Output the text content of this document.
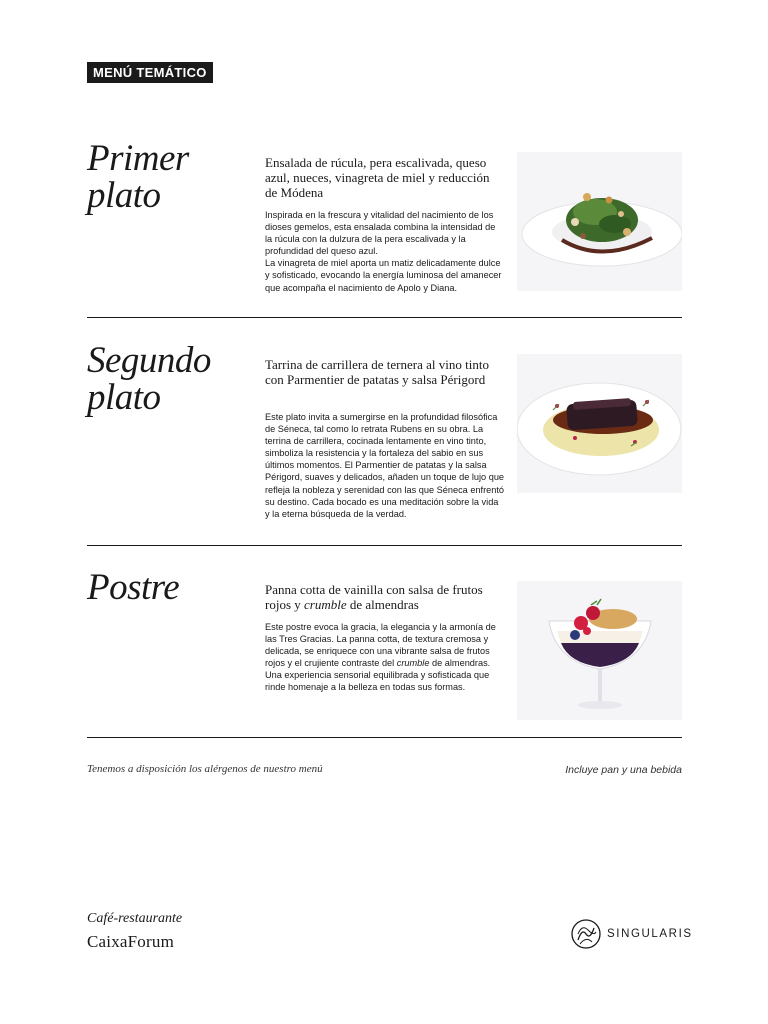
MENÚ TEMÁTICO
Primer
plato
Ensalada de rúcula, pera escalivada, queso azul, nueces, vinagreta de miel y reducción de Módena

Inspirada en la frescura y vitalidad del nacimiento de los dioses gemelos, esta ensalada combina la intensidad de la rúcula con la dulzura de la pera escalivada y la profundidad del queso azul.

La vinagreta de miel aporta un matiz delicadamente dulce y sofisticado, evocando la energía luminosa del amanecer que acompaña el nacimiento de Apolo y Diana.

Segundo
plato
Tarrina de carrillera de ternera al vino tinto con Parmentier de patatas y salsa Périgord

Este plato invita a sumergirse en la profundidad filosófica de Séneca, tal como lo retrata Rubens en su obra. La terrina de carrillera, cocinada lentamente en vino tinto, simboliza la resistencia y la fortaleza del sabio en sus últimos momentos. El Parmentier de patatas y la salsa Périgord, suaves y delicados, añaden un toque de lujo que refleja la nobleza y serenidad con las que Séneca enfrentó su destino. Cada bocado es una meditación sobre la vida y la eterna búsqueda de la verdad.

Postre	Panna cotta de vainilla con salsa de frutos rojos y crumble de almendras

Este postre evoca la gracia, la elegancia y la armonía de las Tres Gracias. La panna cotta, de textura cremosa y delicada, se enriquece con una vibrante salsa de frutos rojos y el crujiente contraste del crumble de almendras. Una experiencia sensorial equilibrada y sofisticada que rinde homenaje a la belleza en todas sus formas.

Tenemos a disposición los alérgenos de nuestro menú	Incluye pan y una bebida
Café-restaurante
CaixaForum	SINGULARIS
